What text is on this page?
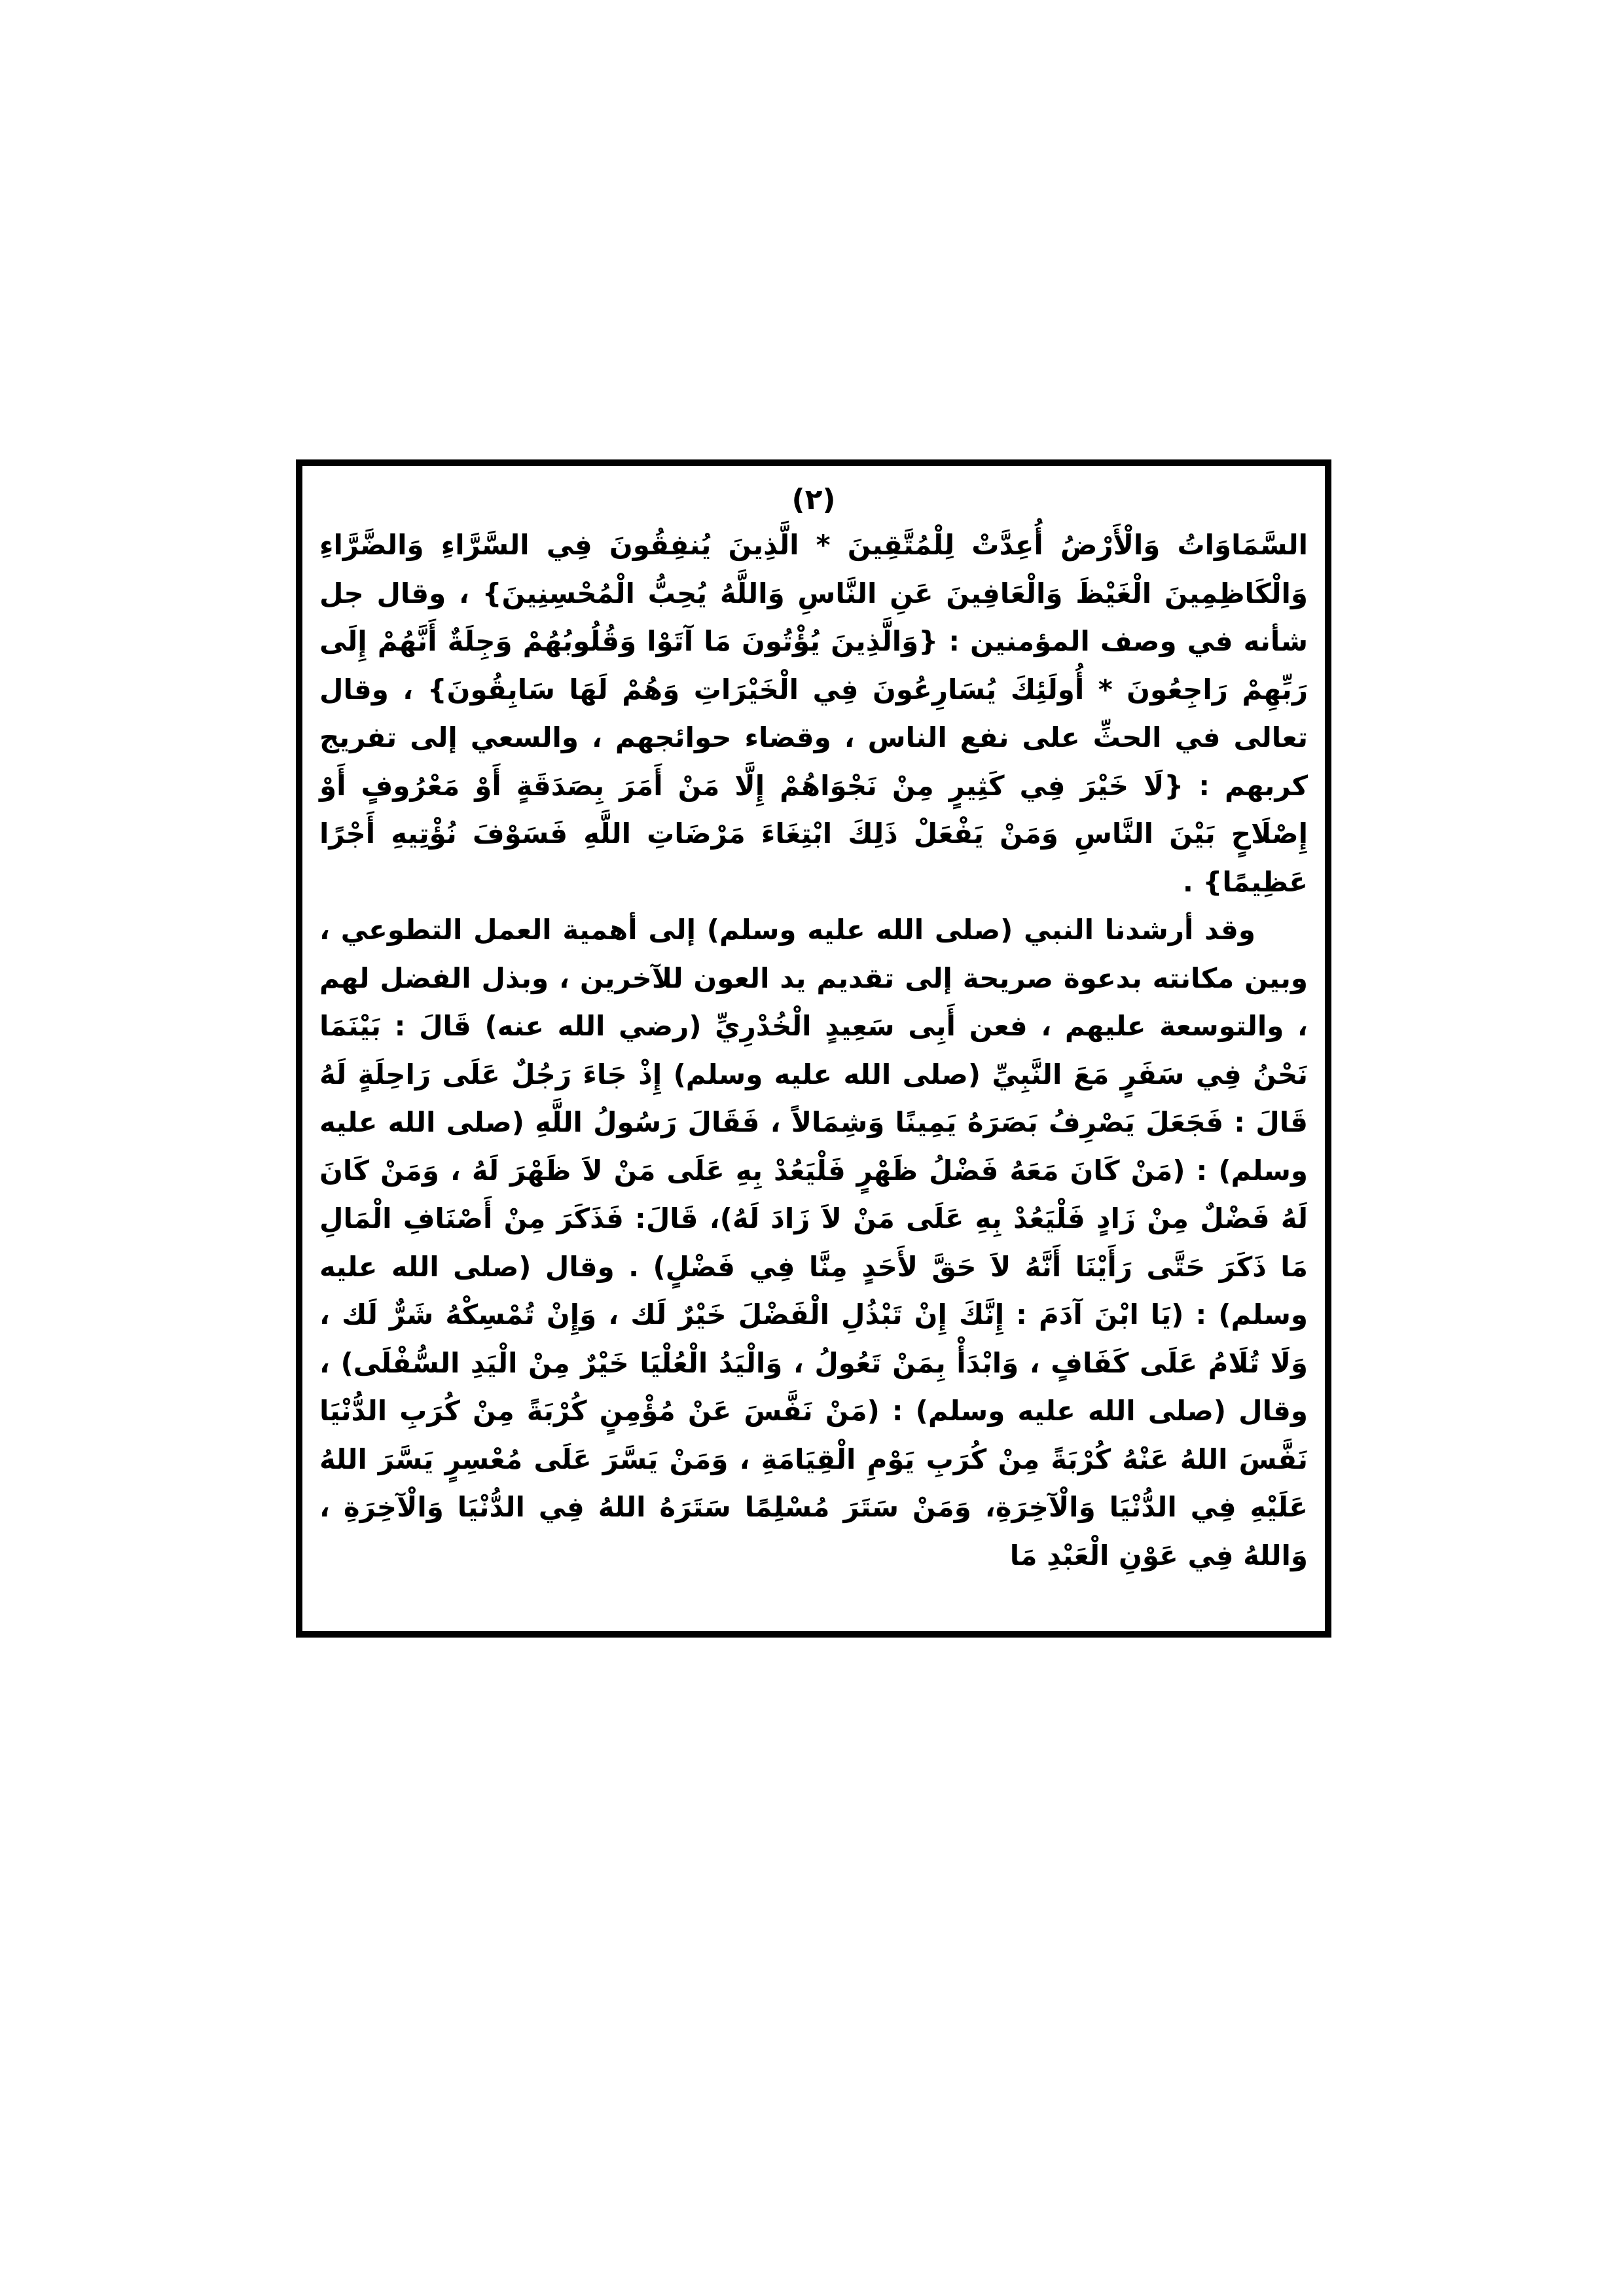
(٢)

السَّمَاوَاتُ وَالْأَرْضُ أُعِدَّتْ لِلْمُتَّقِينَ * الَّذِينَ يُنفِقُونَ فِي السَّرَّاءِ وَالضَّرَّاءِ وَالْكَاظِمِينَ الْغَيْظَ وَالْعَافِينَ عَنِ النَّاسِ وَاللَّهُ يُحِبُّ الْمُحْسِنِينَ} ، وقال جل شأنه في وصف المؤمنين : {وَالَّذِينَ يُؤْتُونَ مَا آتَوْا وَقُلُوبُهُمْ وَجِلَةٌ أَنَّهُمْ إِلَى رَبِّهِمْ رَاجِعُونَ * أُولَئِكَ يُسَارِعُونَ فِي الْخَيْرَاتِ وَهُمْ لَهَا سَابِقُونَ} ، وقال تعالى في الحثِّ على نفع الناس ، وقضاء حوائجهم ، والسعي إلى تفريج كربهم : {لَا خَيْرَ فِي كَثِيرٍ مِنْ نَجْوَاهُمْ إِلَّا مَنْ أَمَرَ بِصَدَقَةٍ أَوْ مَعْرُوفٍ أَوْ إِصْلَاحٍ بَيْنَ النَّاسِ وَمَنْ يَفْعَلْ ذَلِكَ ابْتِغَاءَ مَرْضَاتِ اللَّهِ فَسَوْفَ نُؤْتِيهِ أَجْرًا عَظِيمًا} .

وقد أرشدنا النبي (صلى الله عليه وسلم) إلى أهمية العمل التطوعي ، وبين مكانته بدعوة صريحة إلى تقديم يد العون للآخرين ، وبذل الفضل لهم ، والتوسعة عليهم ، فعن أَبِى سَعِيدٍ الْخُدْرِيِّ (رضي الله عنه) قَالَ : بَيْنَمَا نَحْنُ فِي سَفَرٍ مَعَ النَّبِيِّ (صلى الله عليه وسلم) إِذْ جَاءَ رَجُلٌ عَلَى رَاحِلَةٍ لَهُ قَالَ : فَجَعَلَ يَصْرِفُ بَصَرَهُ يَمِينًا وَشِمَالاً ، فَقَالَ رَسُولُ اللَّهِ (صلى الله عليه وسلم) : (مَنْ كَانَ مَعَهُ فَضْلُ ظَهْرٍ فَلْيَعُدْ بِهِ عَلَى مَنْ لاَ ظَهْرَ لَهُ ، وَمَنْ كَانَ لَهُ فَضْلٌ مِنْ زَادٍ فَلْيَعُدْ بِهِ عَلَى مَنْ لاَ زَادَ لَهُ)، قَالَ: فَذَكَرَ مِنْ أَصْنَافِ الْمَالِ مَا ذَكَرَ حَتَّى رَأَيْنَا أَنَّهُ لاَ حَقَّ لأَحَدٍ مِنَّا فِي فَضْلٍ) . وقال (صلى الله عليه وسلم) : (يَا ابْنَ آدَمَ : إِنَّكَ إِنْ تَبْذُلِ الْفَضْلَ خَيْرٌ لَك ، وَإِنْ تُمْسِكْهُ شَرٌّ لَك ، وَلَا تُلَامُ عَلَى كَفَافٍ ، وَابْدَأْ بِمَنْ تَعُولُ ، وَالْيَدُ الْعُلْيَا خَيْرٌ مِنْ الْيَدِ السُّفْلَى) ، وقال (صلى الله عليه وسلم) : (مَنْ نَفَّسَ عَنْ مُؤْمِنٍ كُرْبَةً مِنْ كُرَبِ الدُّنْيَا نَفَّسَ اللهُ عَنْهُ كُرْبَةً مِنْ كُرَبِ يَوْمِ الْقِيَامَةِ ، وَمَنْ يَسَّرَ عَلَى مُعْسِرٍ يَسَّرَ اللهُ عَلَيْهِ فِي الدُّنْيَا وَالْآخِرَةِ، وَمَنْ سَتَرَ مُسْلِمًا سَتَرَهُ اللهُ فِي الدُّنْيَا وَالْآخِرَةِ ، وَاللهُ فِي عَوْنِ الْعَبْدِ مَا
